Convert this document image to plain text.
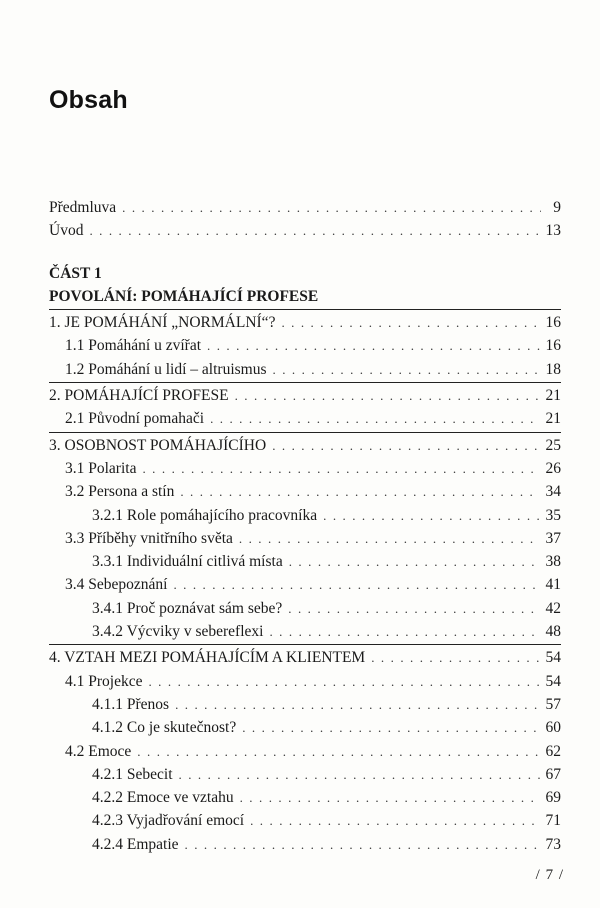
Obsah
Předmluva . . .	9
Úvod . . .	13
ČÁST 1
POVOLÁNÍ: POMÁHAJÍCÍ PROFESE
1. JE POMÁHÁNÍ „NORMÁLNÍ“? . . .	16
1.1 Pomáhání u zvířat . . .	16
1.2 Pomáhání u lidí – altruismus . . .	18
2. POMÁHAJÍCÍ PROFESE . . .	21
2.1 Původní pomahači . . .	21
3. OSOBNOST POMÁHAJÍCÍHO . . .	25
3.1 Polarita . . .	26
3.2 Persona a stín . . .	34
3.2.1 Role pomáhajícího pracovníka . . .	35
3.3 Příběhy vnitřního světa . . .	37
3.3.1 Individuální citlivá místa . . .	38
3.4 Sebepoznání . . .	41
3.4.1 Proč poznávat sám sebe? . . .	42
3.4.2 Výcviky v sebereflexi . . .	48
4. VZTAH MEZI POMÁHAJÍCÍM A KLIENTEM . . .	54
4.1 Projekce . . .	54
4.1.1 Přenos . . .	57
4.1.2 Co je skutečnost? . . .	60
4.2 Emoce . . .	62
4.2.1 Sebecit . . .	67
4.2.2 Emoce ve vztahu . . .	69
4.2.3 Vyjadřování emocí . . .	71
4.2.4 Empatie . . .	73
/ 7 /
